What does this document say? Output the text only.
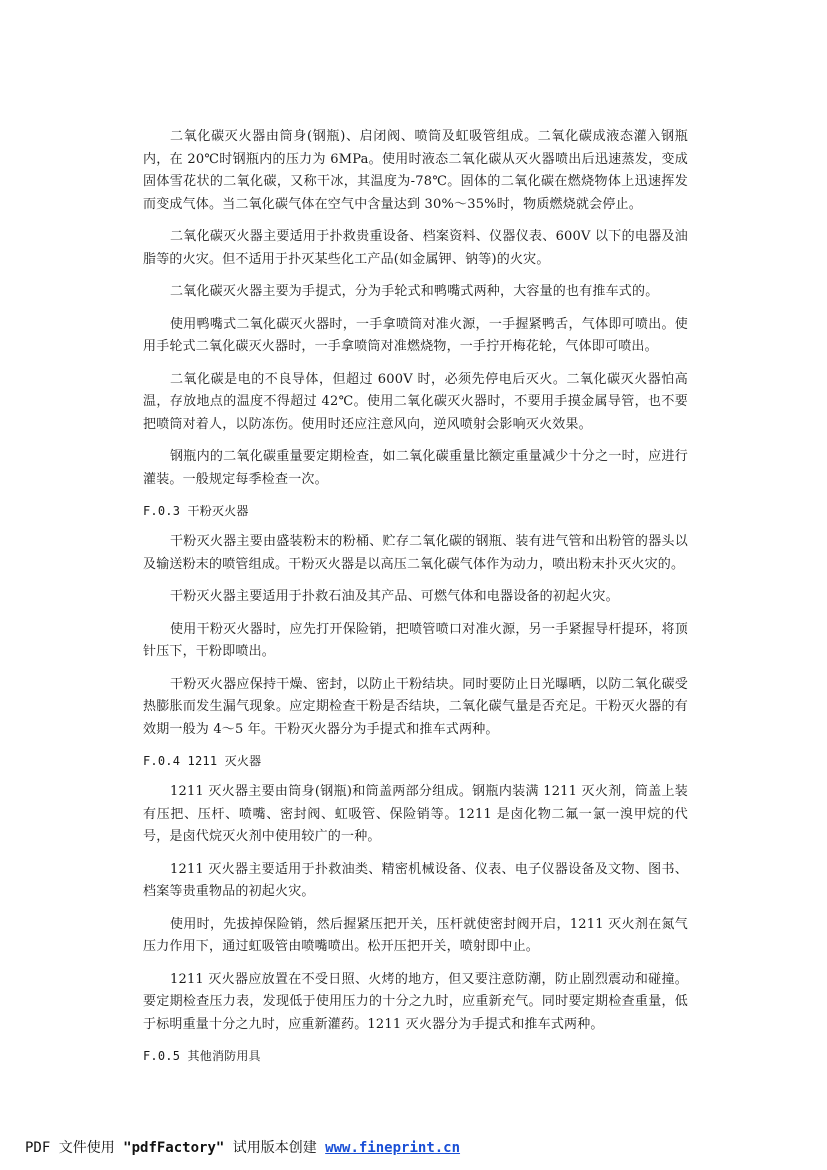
二氧化碳灭火器由筒身(钢瓶)、启闭阀、喷筒及虹吸管组成。二氧化碳成液态灌入钢瓶内，在 20℃时钢瓶内的压力为 6MPa。使用时液态二氧化碳从灭火器喷出后迅速蒸发，变成固体雪花状的二氧化碳，又称干冰，其温度为-78℃。固体的二氧化碳在燃烧物体上迅速挥发而变成气体。当二氧化碳气体在空气中含量达到 30%～35%时，物质燃烧就会停止。

二氧化碳灭火器主要适用于扑救贵重设备、档案资料、仪器仪表、600V 以下的电器及油脂等的火灾。但不适用于扑灭某些化工产品(如金属钾、钠等)的火灾。

二氧化碳灭火器主要为手提式，分为手轮式和鸭嘴式两种，大容量的也有推车式的。

使用鸭嘴式二氧化碳灭火器时，一手拿喷筒对准火源，一手握紧鸭舌，气体即可喷出。使用手轮式二氧化碳灭火器时，一手拿喷筒对准燃烧物，一手拧开梅花轮，气体即可喷出。

二氧化碳是电的不良导体，但超过 600V 时，必须先停电后灭火。二氧化碳灭火器怕高温，存放地点的温度不得超过 42℃。使用二氧化碳灭火器时，不要用手摸金属导管，也不要把喷筒对着人，以防冻伤。使用时还应注意风向，逆风喷射会影响灭火效果。

钢瓶内的二氧化碳重量要定期检查，如二氧化碳重量比额定重量减少十分之一时，应进行灌装。一般规定每季检查一次。

F.0.3 干粉灭火器

干粉灭火器主要由盛装粉末的粉桶、贮存二氧化碳的钢瓶、装有进气管和出粉管的器头以及输送粉末的喷管组成。干粉灭火器是以高压二氧化碳气体作为动力，喷出粉末扑灭火灾的。

干粉灭火器主要适用于扑救石油及其产品、可燃气体和电器设备的初起火灾。

使用干粉灭火器时，应先打开保险销，把喷管喷口对准火源，另一手紧握导杆提环，将顶针压下，干粉即喷出。

干粉灭火器应保持干燥、密封，以防止干粉结块。同时要防止日光曝晒，以防二氧化碳受热膨胀而发生漏气现象。应定期检查干粉是否结块，二氧化碳气量是否充足。干粉灭火器的有效期一般为 4～5 年。干粉灭火器分为手提式和推车式两种。

F.0.4 1211 灭火器

1211 灭火器主要由筒身(钢瓶)和筒盖两部分组成。钢瓶内装满 1211 灭火剂，筒盖上装有压把、压杆、喷嘴、密封阀、虹吸管、保险销等。1211 是卤化物二氟一氯一溴甲烷的代号，是卤代烷灭火剂中使用较广的一种。

1211 灭火器主要适用于扑救油类、精密机械设备、仪表、电子仪器设备及文物、图书、档案等贵重物品的初起火灾。

使用时，先拔掉保险销，然后握紧压把开关，压杆就使密封阀开启，1211 灭火剂在氮气压力作用下，通过虹吸管由喷嘴喷出。松开压把开关，喷射即中止。

1211 灭火器应放置在不受日照、火烤的地方，但又要注意防潮，防止剧烈震动和碰撞。要定期检查压力表，发现低于使用压力的十分之九时，应重新充气。同时要定期检查重量，低于标明重量十分之九时，应重新灌药。1211 灭火器分为手提式和推车式两种。

F.0.5 其他消防用具
PDF 文件使用 "pdfFactory" 试用版本创建 www.fineprint.cn
